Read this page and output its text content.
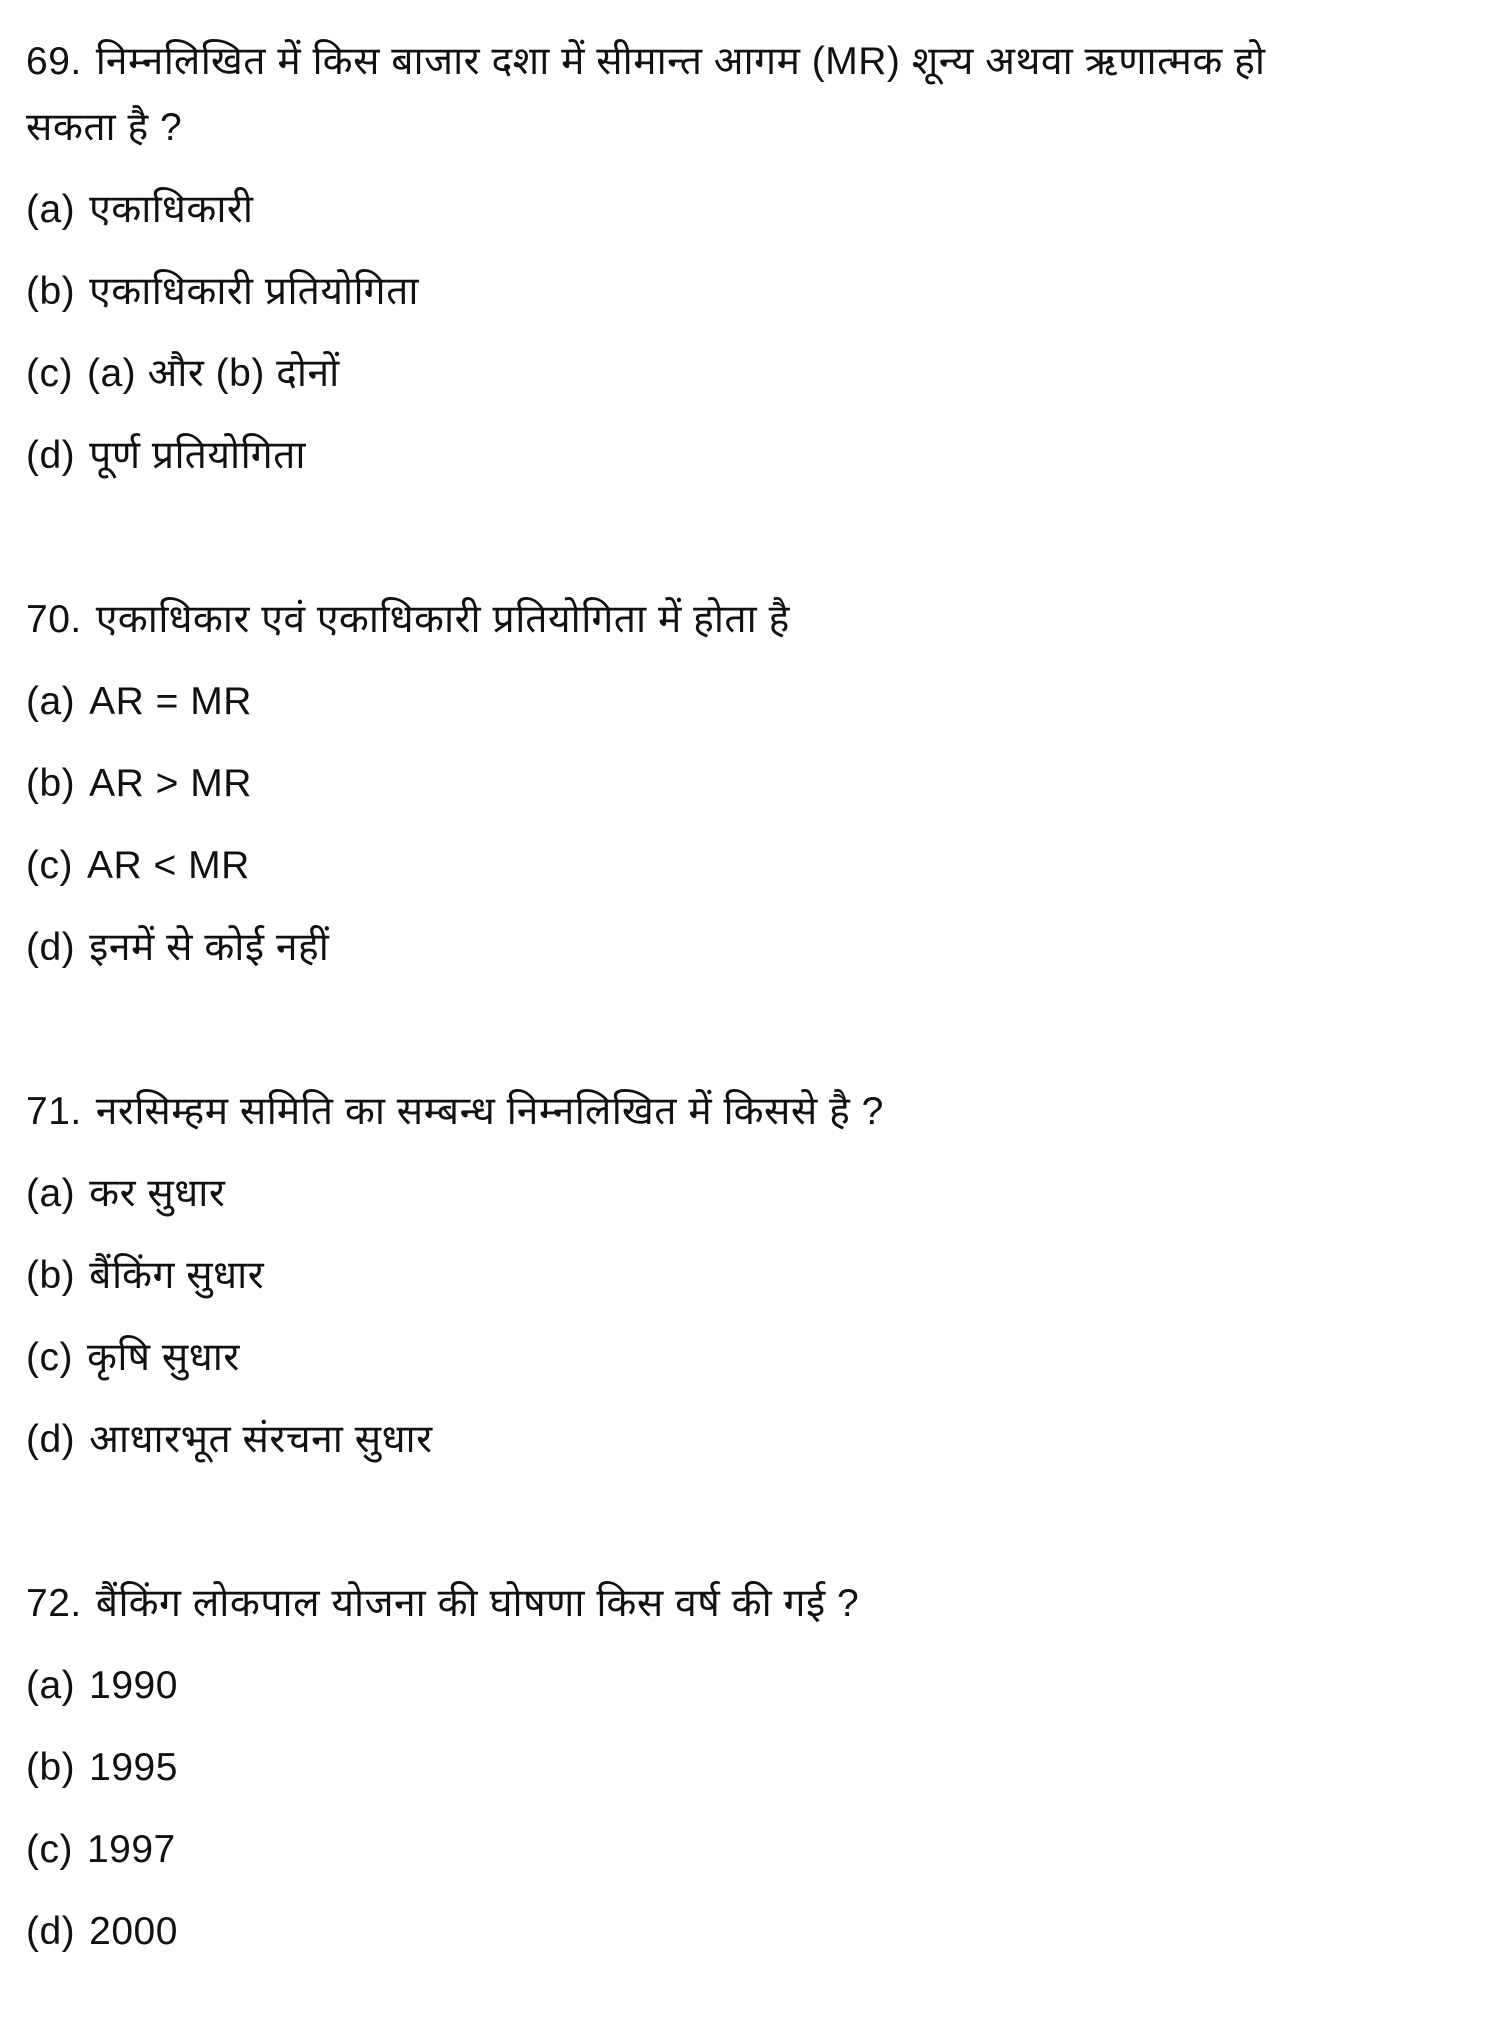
69. निम्नलिखित में किस बाजार दशा में सीमान्त आगम (MR) शून्य अथवा ऋणात्मक हो
सकता है ?
(a) एकाधिकारी
(b) एकाधिकारी प्रतियोगिता
(c) (a) और (b) दोनों
(d) पूर्ण प्रतियोगिता
70. एकाधिकार एवं एकाधिकारी प्रतियोगिता में होता है
(a) AR = MR
(b) AR > MR
(c) AR < MR
(d) इनमें से कोई नहीं
71. नरसिम्हम समिति का सम्बन्ध निम्नलिखित में किससे है ?
(a) कर सुधार
(b) बैंकिंग सुधार
(c) कृषि सुधार
(d) आधारभूत संरचना सुधार
72. बैंकिंग लोकपाल योजना की घोषणा किस वर्ष की गई ?
(a) 1990
(b) 1995
(c) 1997
(d) 2000
